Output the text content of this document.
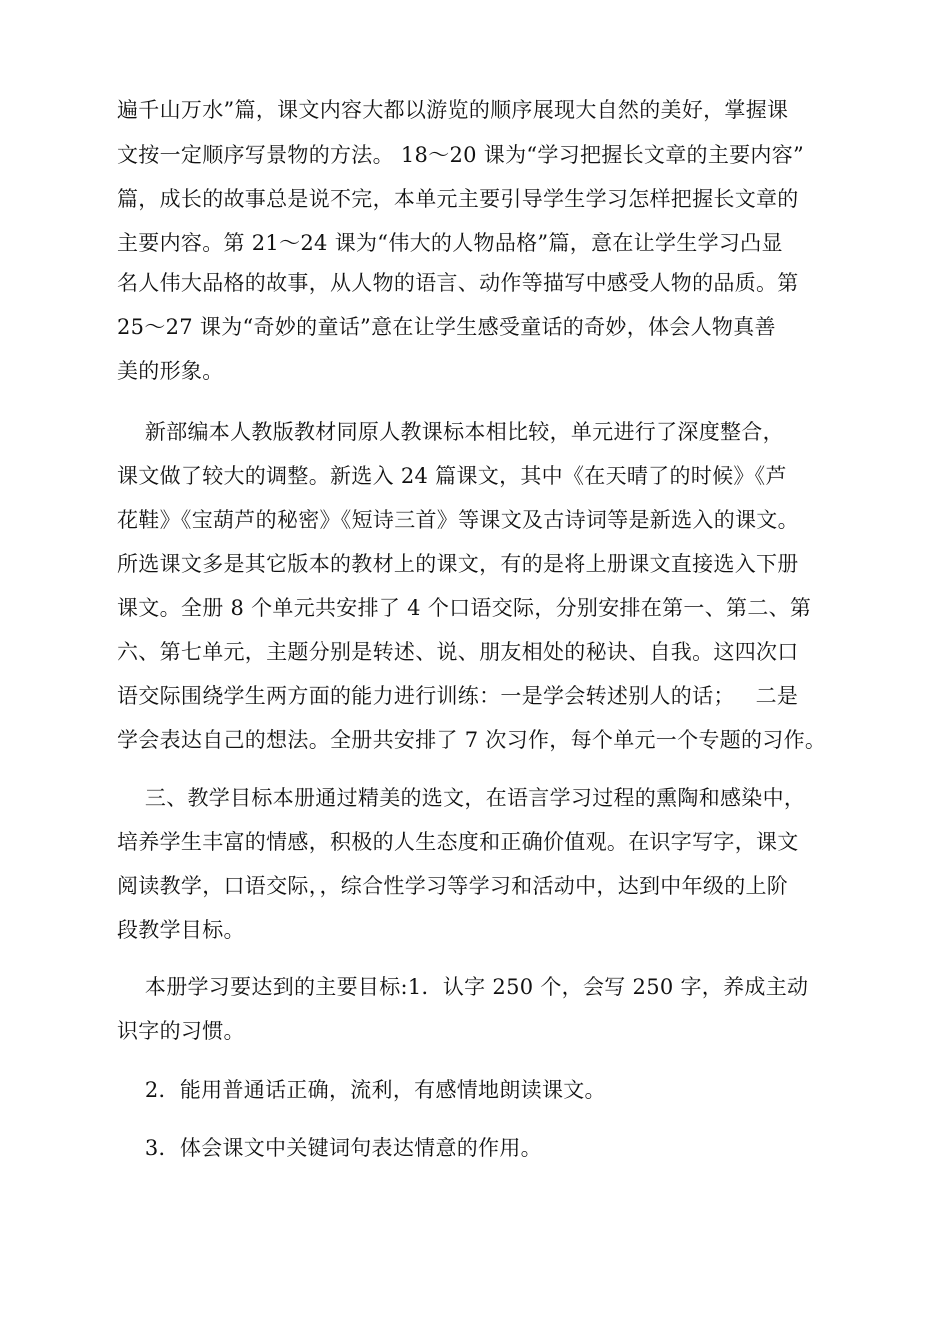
遍千山万水”篇，课文内容大都以游览的顺序展现大自然的美好，掌握课
文按一定顺序写景物的方法。 18～20 课为“学习把握长文章的主要内容”
篇，成长的故事总是说不完，本单元主要引导学生学习怎样把握长文章的
主要内容。第 21～24 课为“伟大的人物品格”篇，意在让学生学习凸显
名人伟大品格的故事，从人物的语言、动作等描写中感受人物的品质。第
25～27 课为“奇妙的童话”意在让学生感受童话的奇妙，体会人物真善
美的形象。
新部编本人教版教材同原人教课标本相比较，单元进行了深度整合，
课文做了较大的调整。新选入 24 篇课文，其中《在天晴了的时候》《芦
花鞋》《宝葫芦的秘密》《短诗三首》等课文及古诗词等是新选入的课文。
所选课文多是其它版本的教材上的课文，有的是将上册课文直接选入下册
课文。全册 8 个单元共安排了 4 个口语交际，分别安排在第一、第二、第
六、第七单元，主题分别是转述、说、朋友相处的秘诀、自我。这四次口
语交际围绕学生两方面的能力进行训练：一是学会转述别人的话；   二是
学会表达自己的想法。全册共安排了 7 次习作，每个单元一个专题的习作。
三、教学目标本册通过精美的选文，在语言学习过程的熏陶和感染中，
培养学生丰富的情感，积极的人生态度和正确价值观。在识字写字，课文
阅读教学，口语交际，，综合性学习等学习和活动中，达到中年级的上阶
段教学目标。
本册学习要达到的主要目标:1．认字 250 个，会写 250 字，养成主动
识字的习惯。
2．能用普通话正确，流利，有感情地朗读课文。
3．体会课文中关键词句表达情意的作用。
